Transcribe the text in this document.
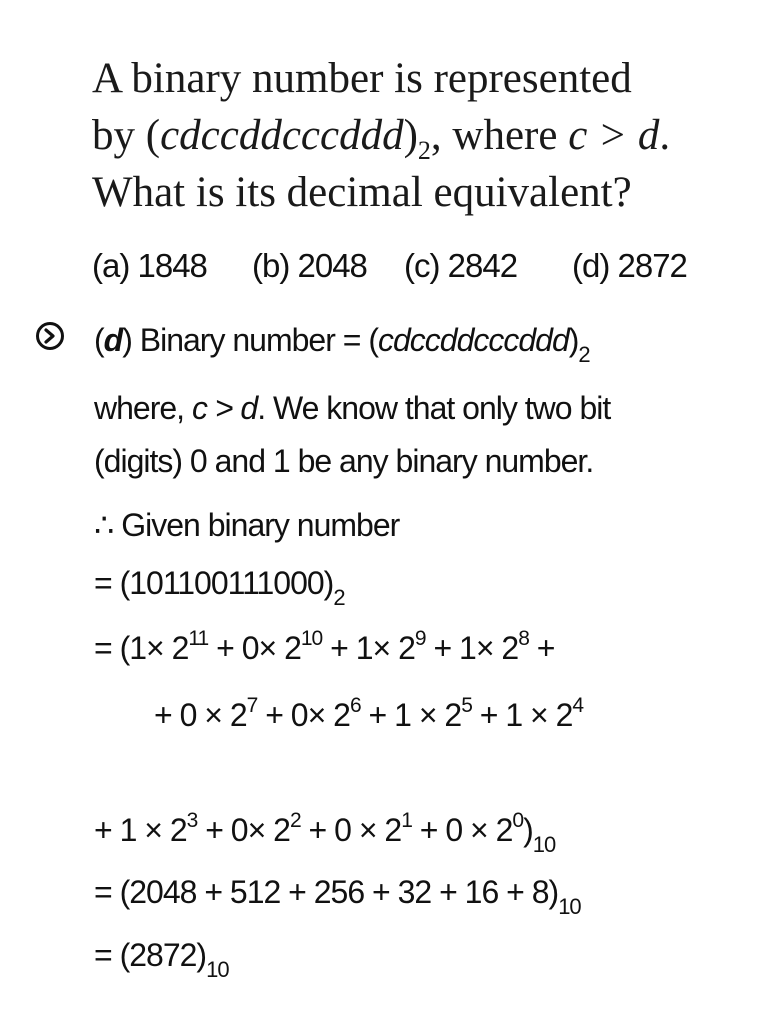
A binary number is represented
by $(cdccddcccddd)_2$, where c > d.
What is its decimal equivalent?
(a) 1848 (b) 2048 (c) 2842 (d) 2872
(d) Binary number = $(cdccddcccddd)_2$
where, c > d. We know that only two bit
(digits) 0 and 1 be any binary number.
∴ Given binary number
= $(101100111000)_2$
= ($1\times 2^{11} + 0\times 2^{10} + 1\times 2^9 + 1\times 2^8$ +
+ $0 \times 2^7 + 0\times 2^6 + 1 \times 2^5 + 1 \times 2^4$
+ $1 \times 2^3 + 0\times 2^2 + 0 \times 2^1 + 0 \times 2^0)_{10}$
= $(2048 + 512 + 256 + 32 + 16 + 8)_{10}$
= $(2872)_{10}$
